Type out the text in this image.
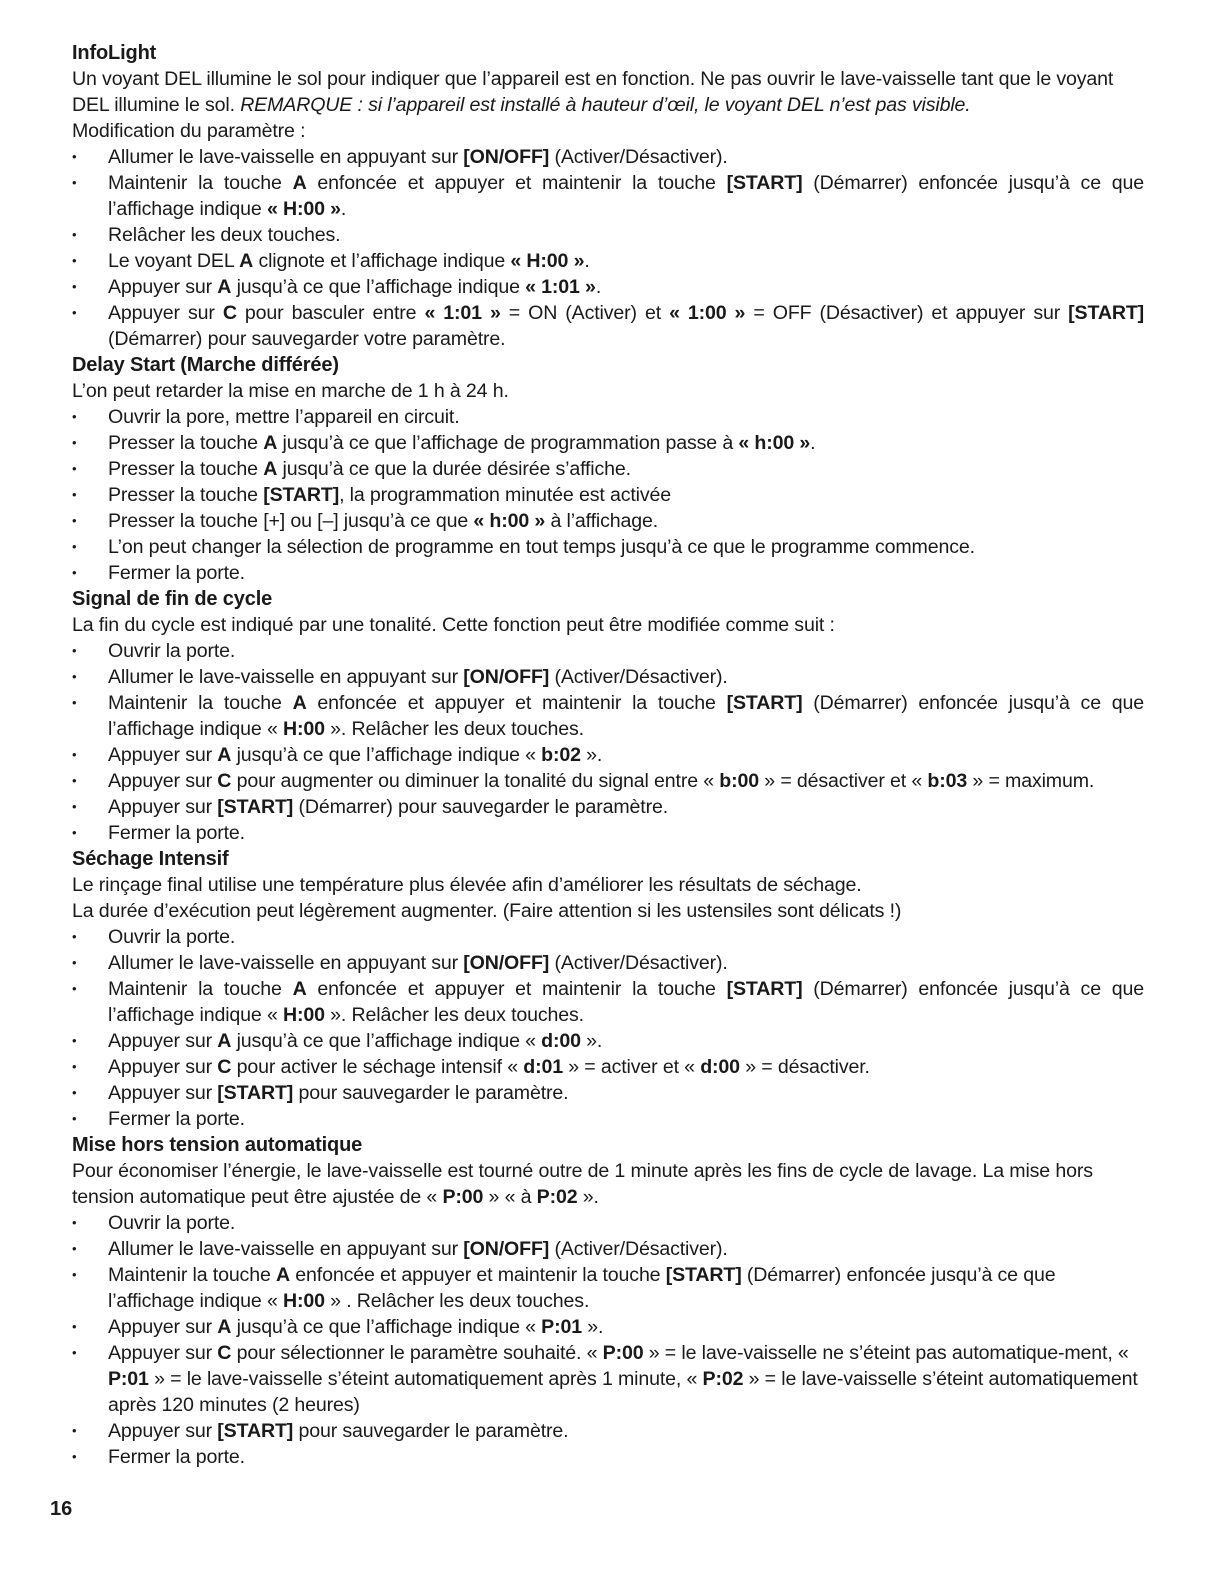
InfoLight

Un voyant DEL illumine le sol pour indiquer que l’appareil est en fonction. Ne pas ouvrir le lave-vaisselle tant que le voyant DEL illumine le sol. REMARQUE : si l’appareil est installé à hauteur d’œil, le voyant DEL n’est pas visible.

Modification du paramètre :

• Allumer le lave-vaisselle en appuyant sur [ON/OFF] (Activer/Désactiver).
• Maintenir la touche A enfoncée et appuyer et maintenir la touche [START] (Démarrer) enfoncée jusqu’à ce que l’affichage indique « H:00 ».
• Relâcher les deux touches.
• Le voyant DEL A clignote et l’affichage indique « H:00 ».
• Appuyer sur A jusqu’à ce que l’affichage indique « 1:01 ».
• Appuyer sur C pour basculer entre « 1:01 » = ON (Activer) et « 1:00 » = OFF (Désactiver) et appuyer sur [START] (Démarrer) pour sauvegarder votre paramètre.
Delay Start (Marche différée)

L’on peut retarder la mise en marche de 1 h à 24 h.

• Ouvrir la pore, mettre l’appareil en circuit.
• Presser la touche A jusqu’à ce que l’affichage de programmation passe à « h:00 ».
• Presser la touche A jusqu’à ce que la durée désirée s’affiche.
• Presser la touche [START], la programmation minutée est activée
• Presser la touche [+] ou [–] jusqu’à ce que « h:00 » à l’affichage.
• L’on peut changer la sélection de programme en tout temps jusqu’à ce que le programme commence.
• Fermer la porte.
Signal de fin de cycle

La fin du cycle est indiqué par une tonalité. Cette fonction peut être modifiée comme suit :

• Ouvrir la porte.
• Allumer le lave-vaisselle en appuyant sur [ON/OFF] (Activer/Désactiver).
• Maintenir la touche A enfoncée et appuyer et maintenir la touche [START] (Démarrer) enfoncée jusqu’à ce que l’affichage indique « H:00 ». Relâcher les deux touches.
• Appuyer sur A jusqu’à ce que l’affichage indique « b:02 ».
• Appuyer sur C pour augmenter ou diminuer la tonalité du signal entre « b:00 » = désactiver et « b:03 » = maximum.
• Appuyer sur [START] (Démarrer) pour sauvegarder le paramètre.
• Fermer la porte.
Séchage Intensif

Le rinçage final utilise une température plus élevée afin d’améliorer les résultats de séchage.

La durée d’exécution peut légèrement augmenter. (Faire attention si les ustensiles sont délicats !)

• Ouvrir la porte.
• Allumer le lave-vaisselle en appuyant sur [ON/OFF] (Activer/Désactiver).
• Maintenir la touche A enfoncée et appuyer et maintenir la touche [START] (Démarrer) enfoncée jusqu’à ce que l’affichage indique « H:00 ». Relâcher les deux touches.
• Appuyer sur A jusqu’à ce que l’affichage indique « d:00 ».
• Appuyer sur C pour activer le séchage intensif « d:01 » = activer et « d:00 » = désactiver.
• Appuyer sur [START] pour sauvegarder le paramètre.
• Fermer la porte.
Mise hors tension automatique

Pour économiser l’énergie, le lave-vaisselle est tourné outre de 1 minute après les fins de cycle de lavage. La mise hors tension automatique peut être ajustée de « P:00 » « à P:02 ».

• Ouvrir la porte.
• Allumer le lave-vaisselle en appuyant sur [ON/OFF] (Activer/Désactiver).
• Maintenir la touche A enfoncée et appuyer et maintenir la touche [START] (Démarrer) enfoncée jusqu’à ce que l’affichage indique « H:00 » . Relâcher les deux touches.
• Appuyer sur A jusqu’à ce que l’affichage indique « P:01 ».
• Appuyer sur C pour sélectionner le paramètre souhaité. « P:00 » = le lave-vaisselle ne s’éteint pas automatique-ment, « P:01 » = le lave-vaisselle s’éteint automatiquement après 1 minute, « P:02 » = le lave-vaisselle s’éteint automatiquement après 120 minutes (2 heures)
• Appuyer sur [START] pour sauvegarder le paramètre.
• Fermer la porte.
16
